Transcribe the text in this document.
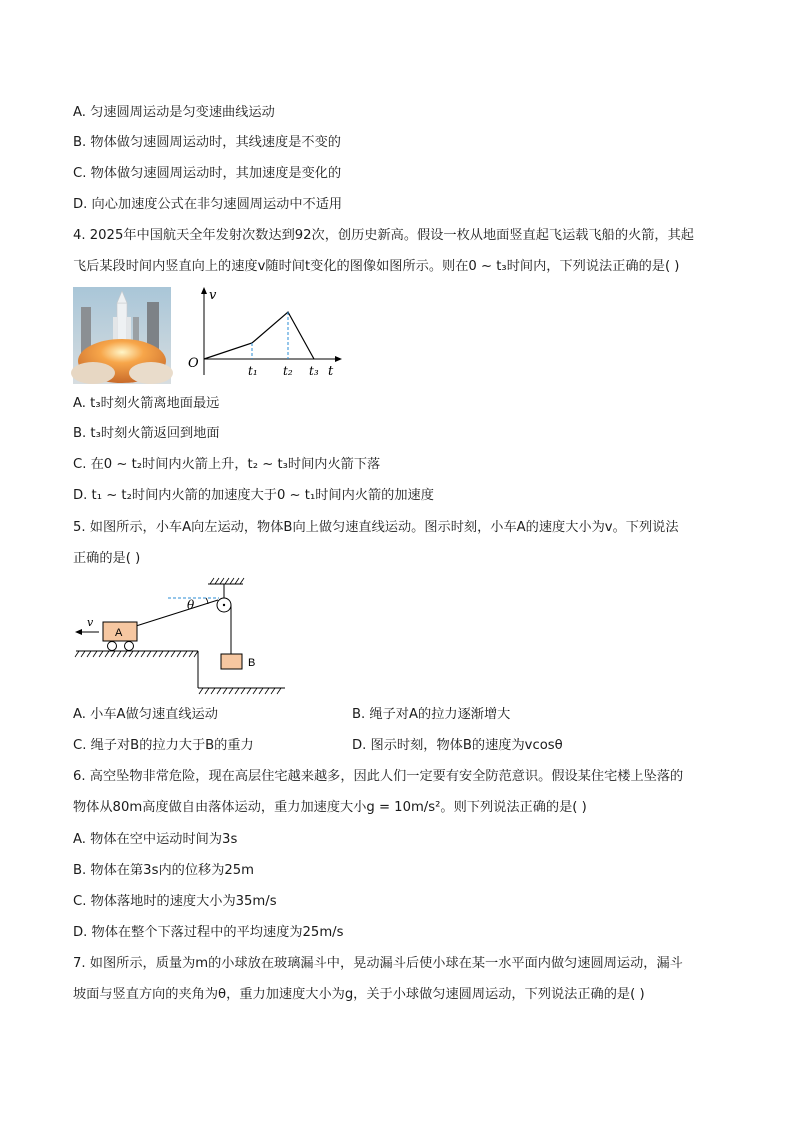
A. 匀速圆周运动是匀变速曲线运动
B. 物体做匀速圆周运动时，其线速度是不变的
C. 物体做匀速圆周运动时，其加速度是变化的
D. 向心加速度公式在非匀速圆周运动中不适用
4. 2025年中国航天全年发射次数达到92次，创历史新高。假设一枚从地面竖直起飞运载飞船的火箭，其起
飞后某段时间内竖直向上的速度v随时间t变化的图像如图所示。则在0 ~ t₃时间内，下列说法正确的是( )
v
O	t₁ t₂ t₃ t
A. t₃时刻火箭离地面最远
B. t₃时刻火箭返回到地面
C. 在0 ~ t₂时间内火箭上升，t₂ ~ t₃时间内火箭下落
D. t₁ ~ t₂时间内火箭的加速度大于0 ~ t₁时间内火箭的加速度
5. 如图所示，小车A向左运动，物体B向上做匀速直线运动。图示时刻，小车A的速度大小为v。下列说法
正确的是( )
θ
A
v
B
A. 小车A做匀速直线运动	B. 绳子对A的拉力逐渐增大
C. 绳子对B的拉力大于B的重力	D. 图示时刻，物体B的速度为vcosθ
6. 高空坠物非常危险，现在高层住宅越来越多，因此人们一定要有安全防范意识。假设某住宅楼上坠落的
物体从80m高度做自由落体运动，重力加速度大小g = 10m/s²。则下列说法正确的是( )
A. 物体在空中运动时间为3s
B. 物体在第3s内的位移为25m
C. 物体落地时的速度大小为35m/s
D. 物体在整个下落过程中的平均速度为25m/s
7. 如图所示，质量为m的小球放在玻璃漏斗中，晃动漏斗后使小球在某一水平面内做匀速圆周运动，漏斗
坡面与竖直方向的夹角为θ，重力加速度大小为g，关于小球做匀速圆周运动，下列说法正确的是( )
